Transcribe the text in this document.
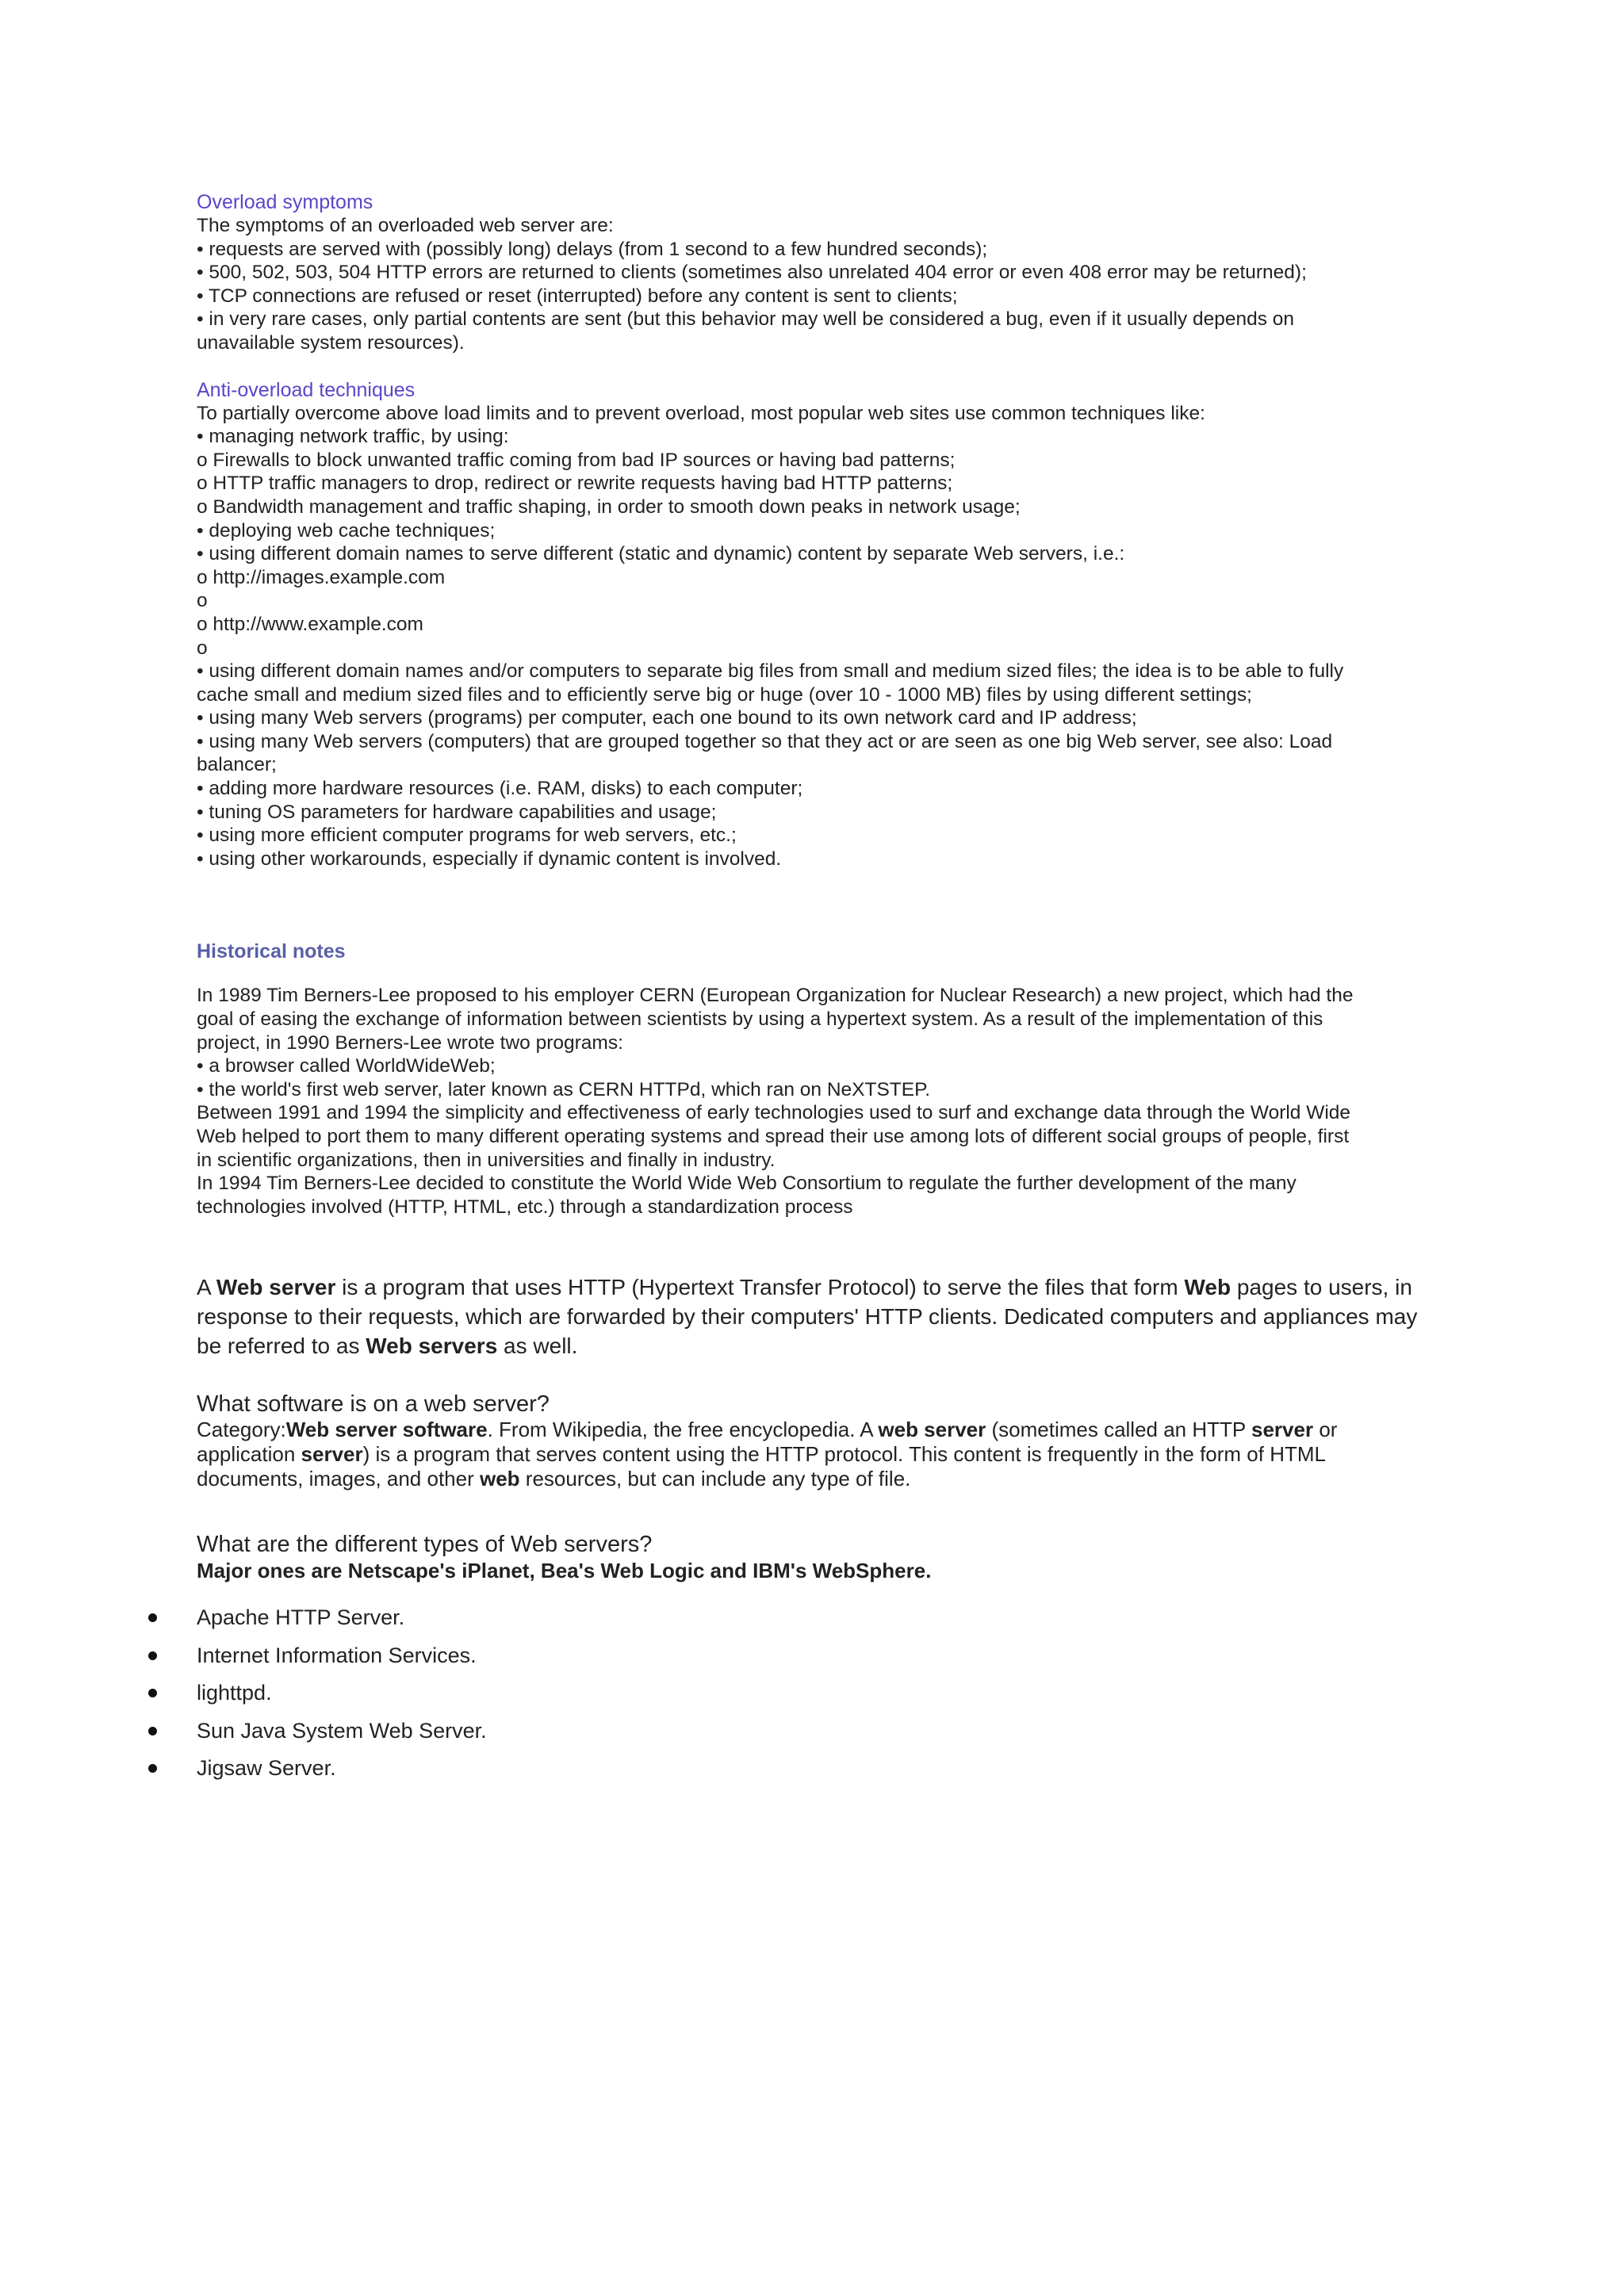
Overload symptoms
The symptoms of an overloaded web server are:
• requests are served with (possibly long) delays (from 1 second to a few hundred seconds);
• 500, 502, 503, 504 HTTP errors are returned to clients (sometimes also unrelated 404 error or even 408 error may be returned);
• TCP connections are refused or reset (interrupted) before any content is sent to clients;
• in very rare cases, only partial contents are sent (but this behavior may well be considered a bug, even if it usually depends on
unavailable system resources).
Anti-overload techniques
To partially overcome above load limits and to prevent overload, most popular web sites use common techniques like:
• managing network traffic, by using:
o Firewalls to block unwanted traffic coming from bad IP sources or having bad patterns;
o HTTP traffic managers to drop, redirect or rewrite requests having bad HTTP patterns;
o Bandwidth management and traffic shaping, in order to smooth down peaks in network usage;
• deploying web cache techniques;
• using different domain names to serve different (static and dynamic) content by separate Web servers, i.e.:
o http://images.example.com
o
o http://www.example.com
o
• using different domain names and/or computers to separate big files from small and medium sized files; the idea is to be able to fully
cache small and medium sized files and to efficiently serve big or huge (over 10 - 1000 MB) files by using different settings;
• using many Web servers (programs) per computer, each one bound to its own network card and IP address;
• using many Web servers (computers) that are grouped together so that they act or are seen as one big Web server, see also: Load
balancer;
• adding more hardware resources (i.e. RAM, disks) to each computer;
• tuning OS parameters for hardware capabilities and usage;
• using more efficient computer programs for web servers, etc.;
• using other workarounds, especially if dynamic content is involved.
Historical notes
In 1989 Tim Berners-Lee proposed to his employer CERN (European Organization for Nuclear Research) a new project, which had the
goal of easing the exchange of information between scientists by using a hypertext system. As a result of the implementation of this
project, in 1990 Berners-Lee wrote two programs:
• a browser called WorldWideWeb;
• the world's first web server, later known as CERN HTTPd, which ran on NeXTSTEP.
Between 1991 and 1994 the simplicity and effectiveness of early technologies used to surf and exchange data through the World Wide
Web helped to port them to many different operating systems and spread their use among lots of different social groups of people, first
in scientific organizations, then in universities and finally in industry.
In 1994 Tim Berners-Lee decided to constitute the World Wide Web Consortium to regulate the further development of the many
technologies involved (HTTP, HTML, etc.) through a standardization process

A Web server is a program that uses HTTP (Hypertext Transfer Protocol) to serve the files that form Web pages to users, in response to their requests, which are forwarded by their computers' HTTP clients. Dedicated computers and appliances may be referred to as Web servers as well.

What software is on a web server?

Category:Web server software. From Wikipedia, the free encyclopedia. A web server (sometimes called an HTTP server or application server) is a program that serves content using the HTTP protocol. This content is frequently in the form of HTML documents, images, and other web resources, but can include any type of file.

What are the different types of Web servers?
Major ones are Netscape's iPlanet, Bea's Web Logic and IBM's WebSphere.
Apache HTTP Server.
Internet Information Services.
lighttpd.
Sun Java System Web Server.
Jigsaw Server.
